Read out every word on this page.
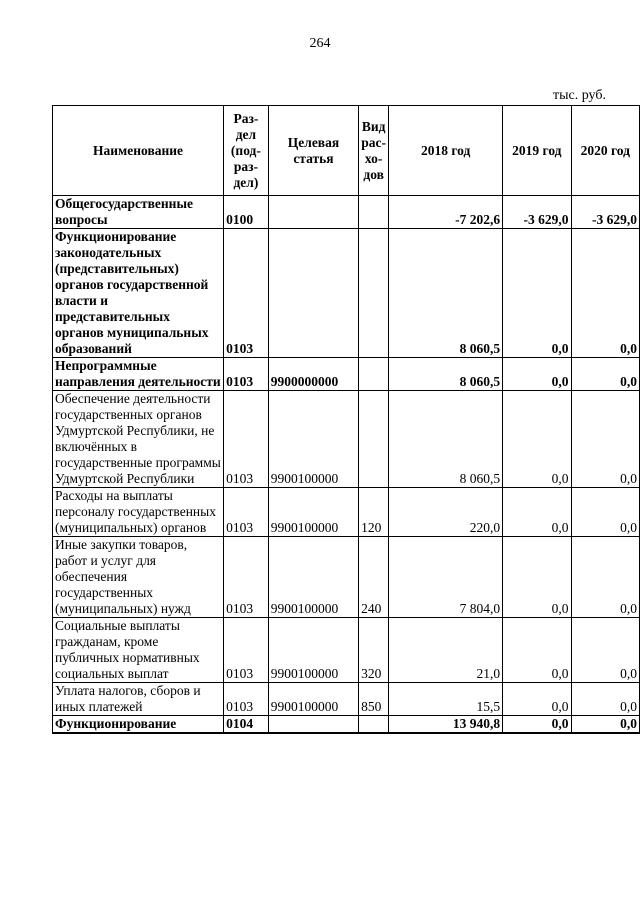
264
тыс. руб.
Наименование	Раз-дел (под-раз-дел)	Целевая статья	Вид рас-хо-дов	2018 год	2019 год	2020 год
Общегосударственные вопросы	0100			-7 202,6	-3 629,0	-3 629,0
Функционирование законодательных (представительных) органов государственной власти и представительных органов муниципальных образований	0103			8 060,5	0,0	0,0
Непрограммные направления деятельности	0103	9900000000		8 060,5	0,0	0,0
Обеспечение деятельности государственных органов Удмуртской Республики, не включённых в государственные программы Удмуртской Республики	0103	9900100000		8 060,5	0,0	0,0
Расходы на выплаты персоналу государственных (муниципальных) органов	0103	9900100000	120	220,0	0,0	0,0
Иные закупки товаров, работ и услуг для обеспечения государственных (муниципальных) нужд	0103	9900100000	240	7 804,0	0,0	0,0
Социальные выплаты гражданам, кроме публичных нормативных социальных выплат	0103	9900100000	320	21,0	0,0	0,0
Уплата налогов, сборов и иных платежей	0103	9900100000	850	15,5	0,0	0,0
Функционирование	0104			13 940,8	0,0	0,0
